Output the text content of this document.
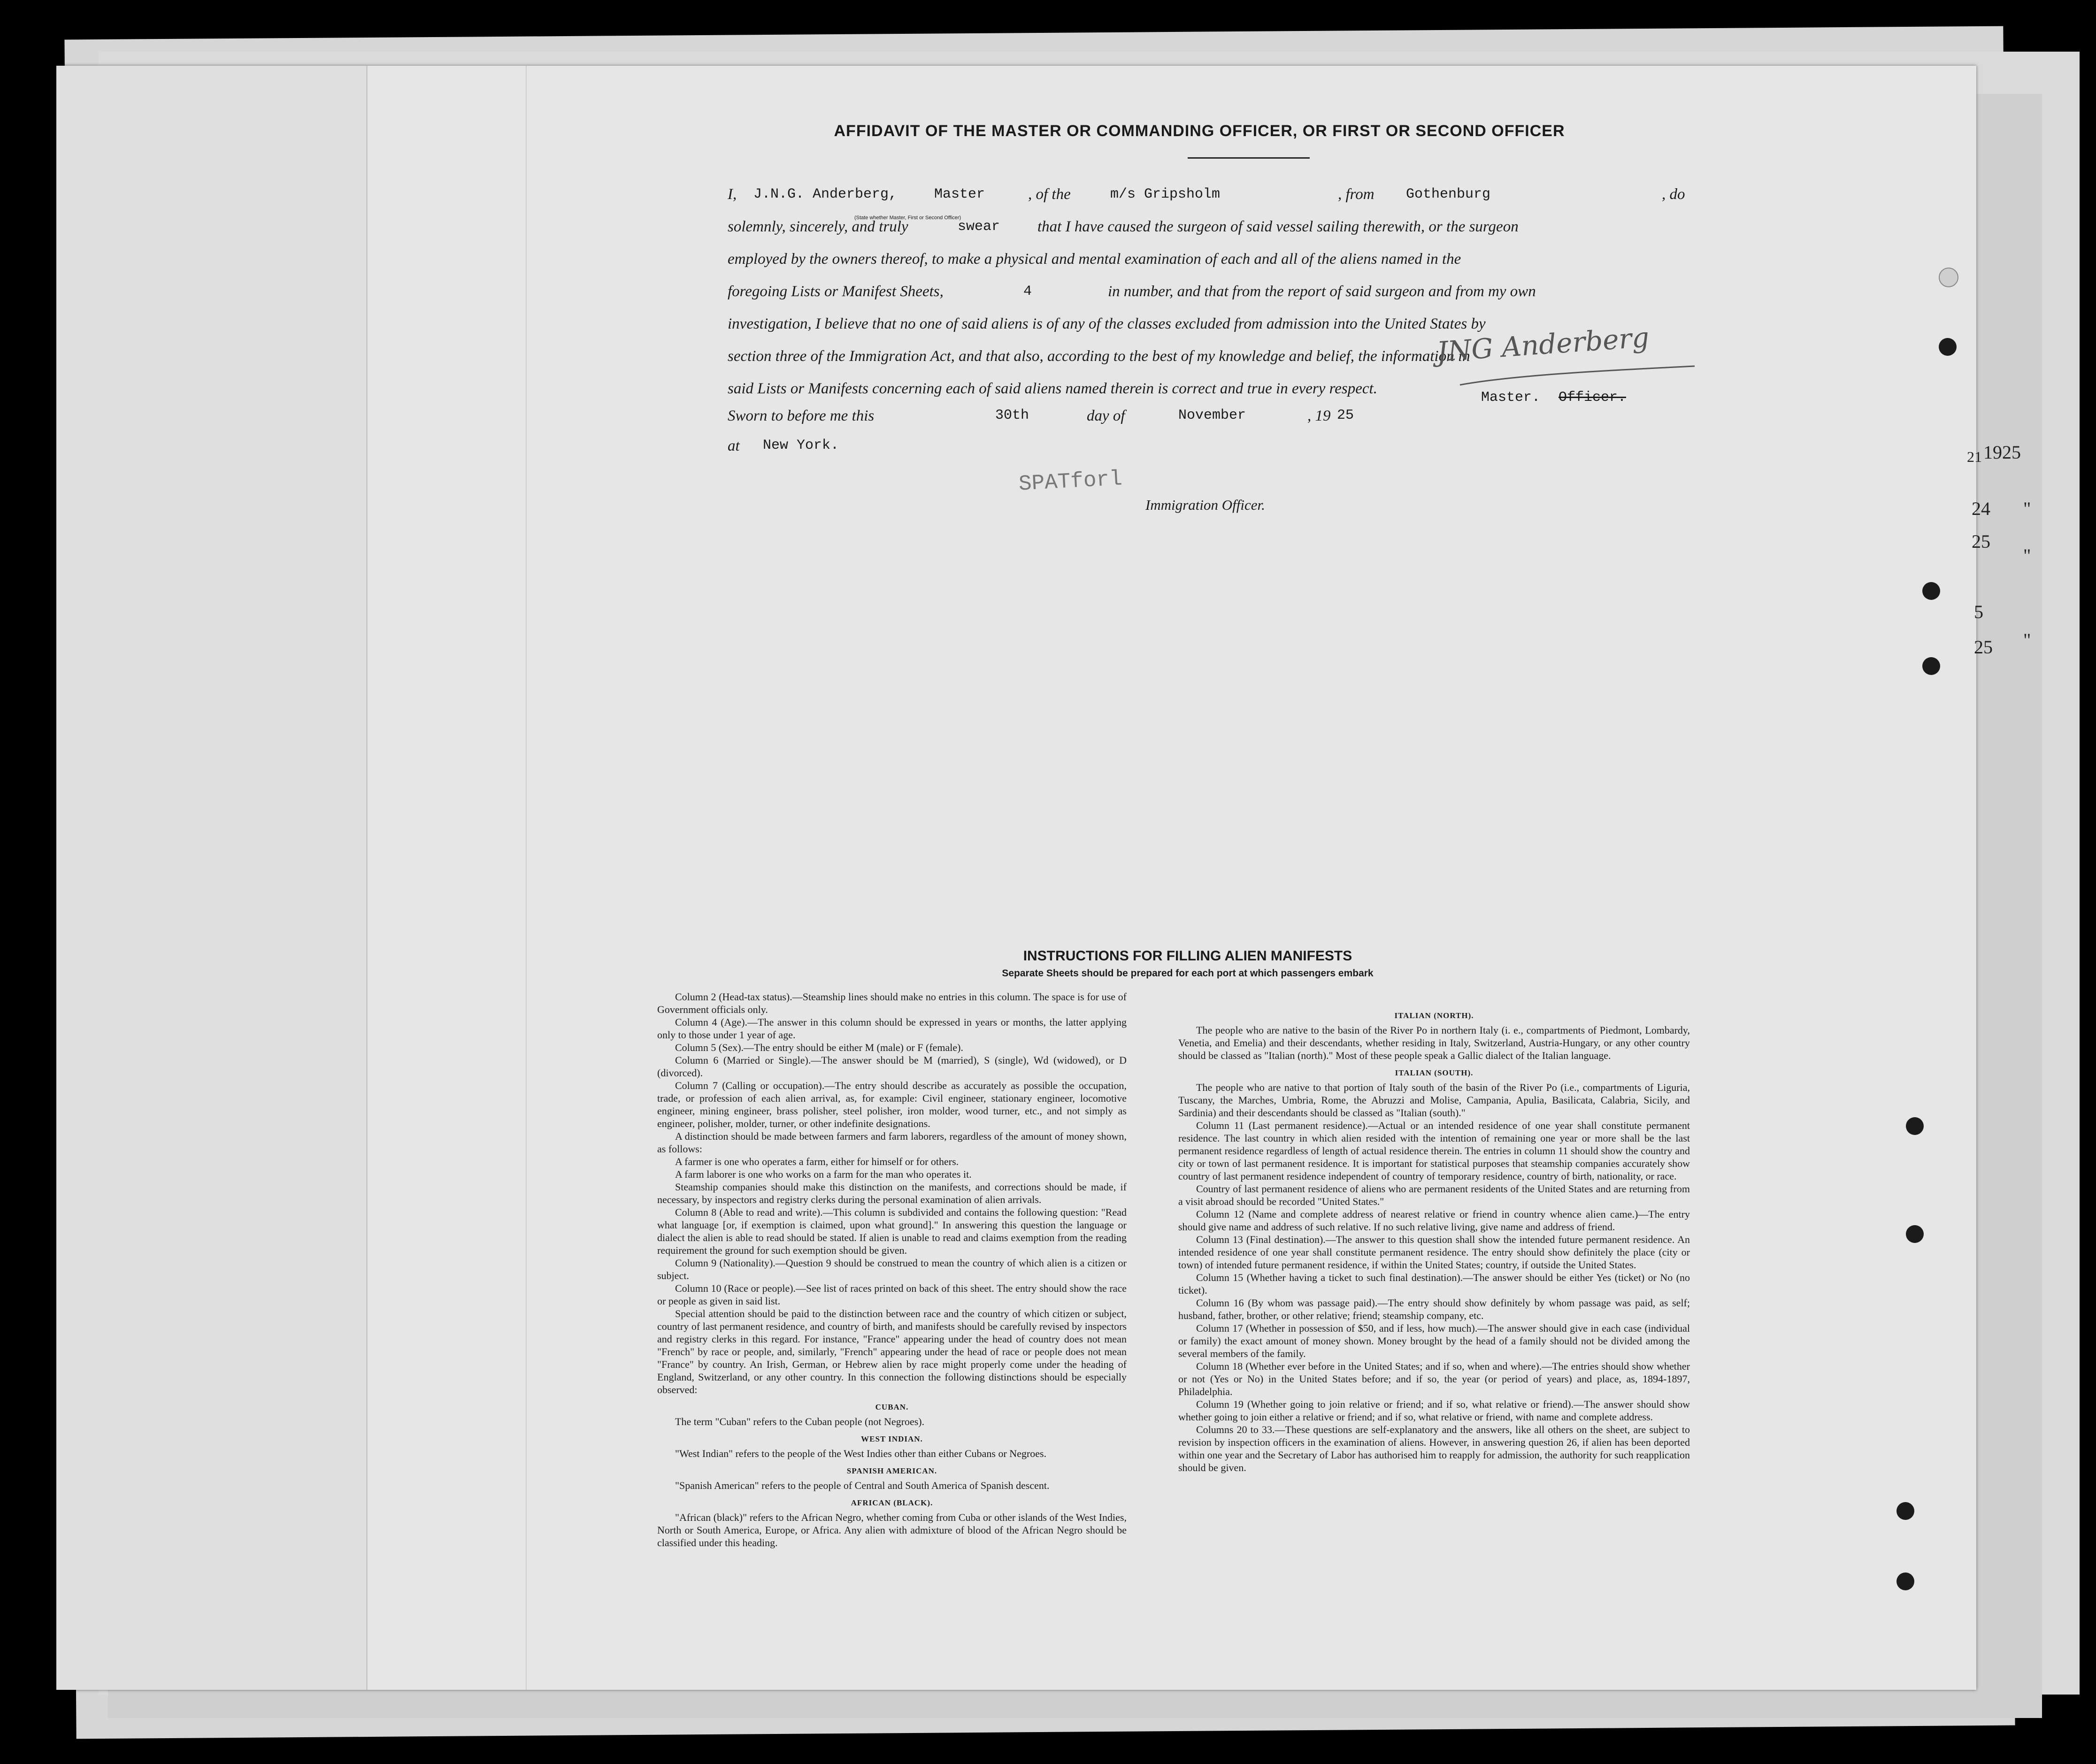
21 1925
24 "
25
"
5
25 "
AFFIDAVIT OF THE MASTER OR COMMANDING OFFICER, OR FIRST OR SECOND OFFICER
I, J.N.G. Anderberg,	Master	, of the	m/s Gripsholm	, from Gothenburg	, do
(State whether Master, First or Second Officer)
solemnly, sincerely, and truly	swear that I have caused the surgeon of said vessel sailing therewith, or the surgeon
employed by the owners thereof, to make a physical and mental examination of each and all of the aliens named in the
foregoing Lists or Manifest Sheets,	4	in number, and that from the report of said surgeon and from my own
investigation, I believe that no one of said aliens is of any of the classes excluded from admission into the United States by
section three of the Immigration Act, and that also, according to the best of my knowledge and belief, the information in
said Lists or Manifests concerning each of said aliens named therein is correct and true in every respect.
JNG Anderberg
Master. Officer.
Sworn to before me this	30th	day of	November	, 19 25
at New York.
SPATforl
Immigration Officer.
INSTRUCTIONS FOR FILLING ALIEN MANIFESTS
Separate Sheets should be prepared for each port at which passengers embark

Column 2 (Head-tax status).—Steamship lines should make no entries in this column. The space is for use of Government officials only.

Column 4 (Age).—The answer in this column should be expressed in years or months, the latter applying only to those under 1 year of age.

Column 5 (Sex).—The entry should be either M (male) or F (female).

Column 6 (Married or Single).—The answer should be M (married), S (single), Wd (widowed), or D (divorced).

Column 7 (Calling or occupation).—The entry should describe as accurately as possible the occupation, trade, or profession of each alien arrival, as, for example: Civil engineer, stationary engineer, locomotive engineer, mining engineer, brass polisher, steel polisher, iron molder, wood turner, etc., and not simply as engineer, polisher, molder, turner, or other indefinite designations.

A distinction should be made between farmers and farm laborers, regardless of the amount of money shown, as follows:

A farmer is one who operates a farm, either for himself or for others.

A farm laborer is one who works on a farm for the man who operates it.

Steamship companies should make this distinction on the manifests, and corrections should be made, if necessary, by inspectors and registry clerks during the personal examination of alien arrivals.

Column 8 (Able to read and write).—This column is subdivided and contains the following question: "Read what language [or, if exemption is claimed, upon what ground]." In answering this question the language or dialect the alien is able to read should be stated. If alien is unable to read and claims exemption from the reading requirement the ground for such exemption should be given.

Column 9 (Nationality).—Question 9 should be construed to mean the country of which alien is a citizen or subject.

Column 10 (Race or people).—See list of races printed on back of this sheet. The entry should show the race or people as given in said list.

Special attention should be paid to the distinction between race and the country of which citizen or subject, country of last permanent residence, and country of birth, and manifests should be carefully revised by inspectors and registry clerks in this regard. For instance, "France" appearing under the head of country does not mean "French" by race or people, and, similarly, "French" appearing under the head of race or people does not mean "France" by country. An Irish, German, or Hebrew alien by race might properly come under the heading of England, Switzerland, or any other country. In this connection the following distinctions should be especially observed:

CUBAN.

The term "Cuban" refers to the Cuban people (not Negroes).

WEST INDIAN.

"West Indian" refers to the people of the West Indies other than either Cubans or Negroes.

SPANISH AMERICAN.

"Spanish American" refers to the people of Central and South America of Spanish descent.

AFRICAN (BLACK).

"African (black)" refers to the African Negro, whether coming from Cuba or other islands of the West Indies, North or South America, Europe, or Africa. Any alien with admixture of blood of the African Negro should be classified under this heading.

ITALIAN (NORTH).

The people who are native to the basin of the River Po in northern Italy (i. e., compartments of Piedmont, Lombardy, Venetia, and Emelia) and their descendants, whether residing in Italy, Switzerland, Austria-Hungary, or any other country should be classed as "Italian (north)." Most of these people speak a Gallic dialect of the Italian language.

ITALIAN (SOUTH).

The people who are native to that portion of Italy south of the basin of the River Po (i.e., compartments of Liguria, Tuscany, the Marches, Umbria, Rome, the Abruzzi and Molise, Campania, Apulia, Basilicata, Calabria, Sicily, and Sardinia) and their descendants should be classed as "Italian (south)."

Column 11 (Last permanent residence).—Actual or an intended residence of one year shall constitute permanent residence. The last country in which alien resided with the intention of remaining one year or more shall be the last permanent residence regardless of length of actual residence therein. The entries in column 11 should show the country and city or town of last permanent residence. It is important for statistical purposes that steamship companies accurately show country of last permanent residence independent of country of temporary residence, country of birth, nationality, or race.

Country of last permanent residence of aliens who are permanent residents of the United States and are returning from a visit abroad should be recorded "United States."

Column 12 (Name and complete address of nearest relative or friend in country whence alien came.)—The entry should give name and address of such relative. If no such relative living, give name and address of friend.

Column 13 (Final destination).—The answer to this question shall show the intended future permanent residence. An intended residence of one year shall constitute permanent residence. The entry should show definitely the place (city or town) of intended future permanent residence, if within the United States; country, if outside the United States.

Column 15 (Whether having a ticket to such final destination).—The answer should be either Yes (ticket) or No (no ticket).

Column 16 (By whom was passage paid).—The entry should show definitely by whom passage was paid, as self; husband, father, brother, or other relative; friend; steamship company, etc.

Column 17 (Whether in possession of $50, and if less, how much).—The answer should give in each case (individual or family) the exact amount of money shown. Money brought by the head of a family should not be divided among the several members of the family.

Column 18 (Whether ever before in the United States; and if so, when and where).—The entries should show whether or not (Yes or No) in the United States before; and if so, the year (or period of years) and place, as, 1894-1897, Philadelphia.

Column 19 (Whether going to join relative or friend; and if so, what relative or friend).—The answer should show whether going to join either a relative or friend; and if so, what relative or friend, with name and complete address.

Columns 20 to 33.—These questions are self-explanatory and the answers, like all others on the sheet, are subject to revision by inspection officers in the examination of aliens. However, in answering question 26, if alien has been deported within one year and the Secretary of Labor has authorised him to reapply for admission, the authority for such reapplication should be given.
